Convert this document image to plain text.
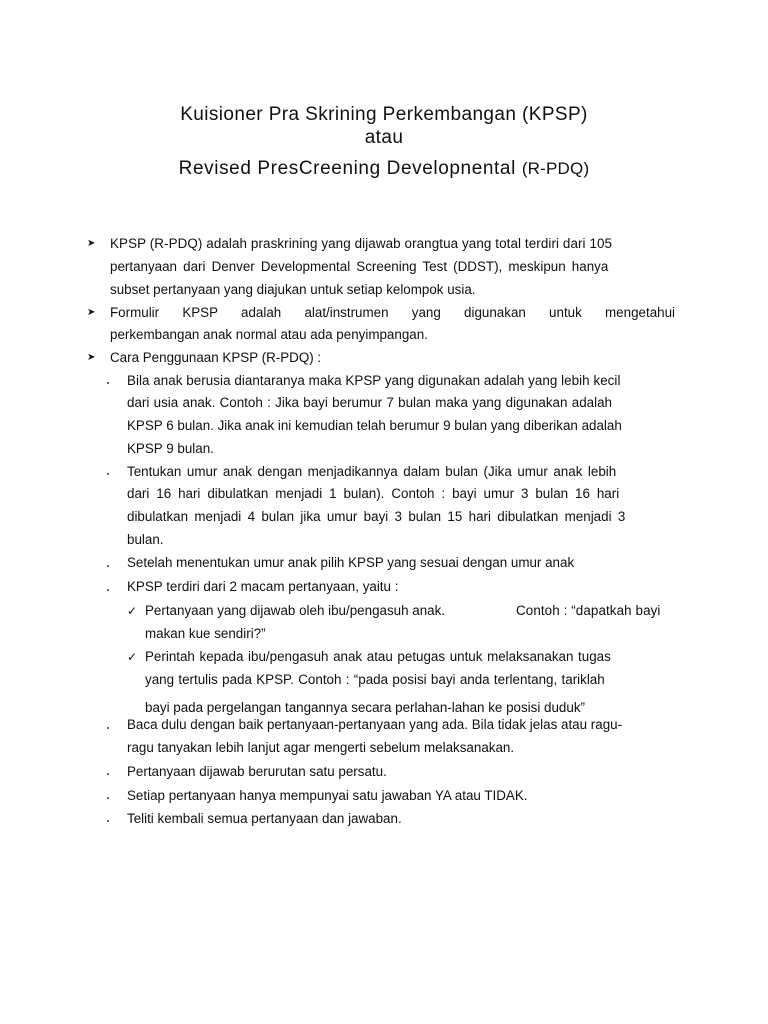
Kuisioner Pra Skrining Perkembangan (KPSP)
atau
Revised PresCreening Developnental (R-PDQ)
➤ KPSP (R-PDQ) adalah praskrining yang dijawab orangtua yang total terdiri dari 105
pertanyaan dari Denver Developmental Screening Test (DDST), meskipun hanya
subset pertanyaan yang diajukan untuk setiap kelompok usia.
➤ Formulir KPSP adalah alat/instrumen yang digunakan untuk mengetahui
perkembangan anak normal atau ada penyimpangan.
➤ Cara Penggunaan KPSP (R-PDQ) :
Bila anak berusia diantaranya maka KPSP yang digunakan adalah yang lebih kecil
dari usia anak. Contoh : Jika bayi berumur 7 bulan maka yang digunakan adalah
KPSP 6 bulan. Jika anak ini kemudian telah berumur 9 bulan yang diberikan adalah
KPSP 9 bulan.
Tentukan umur anak dengan menjadikannya dalam bulan (Jika umur anak lebih
dari 16 hari dibulatkan menjadi 1 bulan). Contoh : bayi umur 3 bulan 16 hari
dibulatkan menjadi 4 bulan jika umur bayi 3 bulan 15 hari dibulatkan menjadi 3
bulan.
Setelah menentukan umur anak pilih KPSP yang sesuai dengan umur anak
KPSP terdiri dari 2 macam pertanyaan, yaitu :
✓ Pertanyaan yang dijawab oleh ibu/pengasuh anak.	Contoh : “dapatkah bayi
makan kue sendiri?”
✓ Perintah kepada ibu/pengasuh anak atau petugas untuk melaksanakan tugas
yang tertulis pada KPSP. Contoh : “pada posisi bayi anda terlentang, tariklah
bayi pada pergelangan tangannya secara perlahan-lahan ke posisi duduk”
Baca dulu dengan baik pertanyaan-pertanyaan yang ada. Bila tidak jelas atau ragu-
ragu tanyakan lebih lanjut agar mengerti sebelum melaksanakan.
Pertanyaan dijawab berurutan satu persatu.
Setiap pertanyaan hanya mempunyai satu jawaban YA atau TIDAK.
Teliti kembali semua pertanyaan dan jawaban.
